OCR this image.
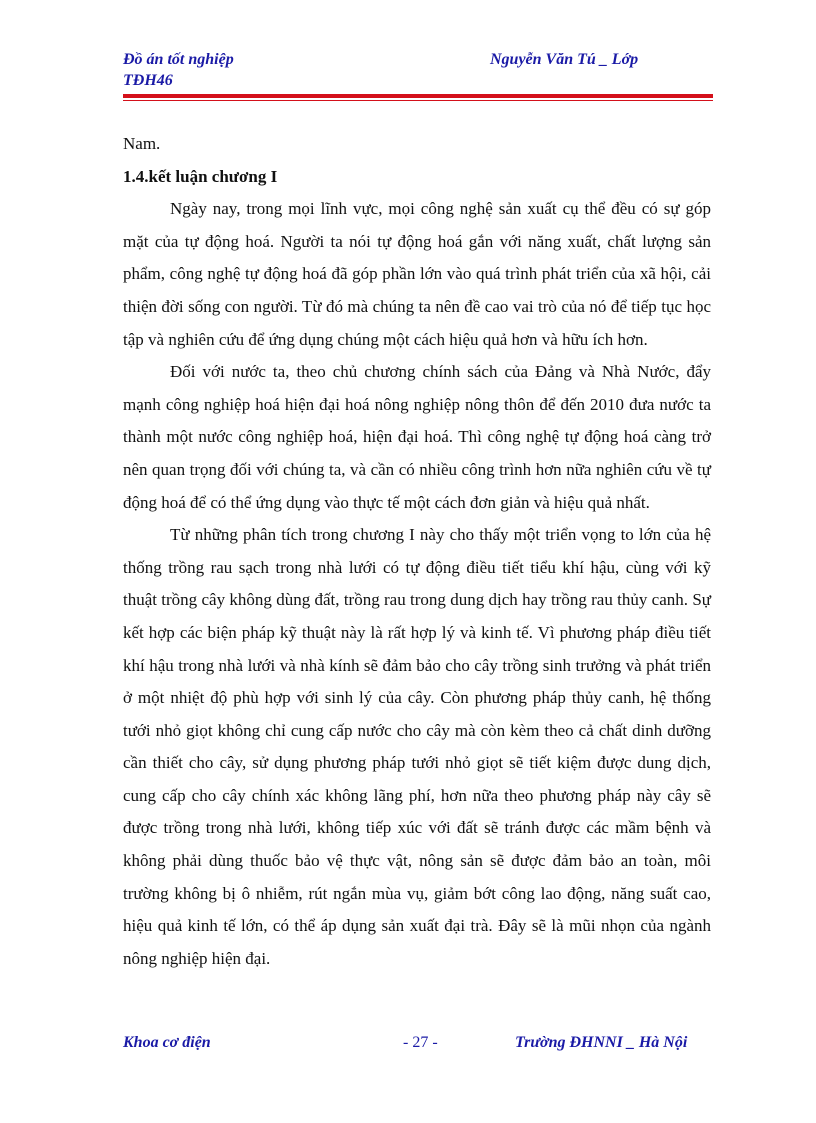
Đồ án tốt nghiệp
TĐH46
Nguyễn Văn Tú _ Lớp

Nam.

1.4.kết luận chương I

Ngày nay, trong mọi lĩnh vực, mọi công nghệ sản xuất cụ thể đều có sự góp mặt của tự động hoá. Người ta nói tự động hoá gắn với năng xuất, chất lượng sản phẩm, công nghệ tự động hoá đã góp phần lớn vào quá trình phát triển của xã hội, cải thiện đời sống con người. Từ đó mà chúng ta nên đề cao vai trò của nó để tiếp tục học tập và nghiên cứu để ứng dụng chúng một cách hiệu quả hơn và hữu ích hơn.

Đối với nước ta, theo chủ chương chính sách của Đảng và Nhà Nước, đẩy mạnh công nghiệp hoá hiện đại hoá nông nghiệp nông thôn để đến 2010 đưa nước ta thành một nước công nghiệp hoá, hiện đại hoá. Thì công nghệ tự động hoá càng trở nên quan trọng đối với chúng ta, và cần có nhiều công trình hơn nữa nghiên cứu về tự động hoá để có thể ứng dụng vào thực tế một cách đơn giản và hiệu quả nhất.

Từ những phân tích trong chương I này cho thấy một triển vọng to lớn của hệ thống trồng rau sạch trong nhà lưới có tự động điều tiết tiểu khí hậu, cùng với kỹ thuật trồng cây không dùng đất, trồng rau trong dung dịch hay trồng rau thủy canh. Sự kết hợp các biện pháp kỹ thuật này là rất hợp lý và kinh tế. Vì phương pháp điều tiết khí hậu trong nhà lưới và nhà kính sẽ đảm bảo cho cây trồng sinh trưởng và phát triển ở một nhiệt độ phù hợp với sinh lý của cây. Còn phương pháp thủy canh, hệ thống tưới nhỏ giọt không chỉ cung cấp nước cho cây mà còn kèm theo cả chất dinh dưỡng cần thiết cho cây, sử dụng phương pháp tưới nhỏ giọt sẽ tiết kiệm được dung dịch, cung cấp cho cây chính xác không lãng phí, hơn nữa theo phương pháp này cây sẽ được trồng trong nhà lưới, không tiếp xúc với đất sẽ tránh được các mầm bệnh và không phải dùng thuốc bảo vệ thực vật, nông sản sẽ được đảm bảo an toàn, môi trường không bị ô nhiễm, rút ngắn mùa vụ, giảm bớt công lao động, năng suất cao, hiệu quả kinh tế lớn, có thể áp dụng sản xuất đại trà. Đây sẽ là mũi nhọn của ngành nông nghiệp hiện đại.

Khoa cơ điện	- 27 -	Trường ĐHNNI _ Hà Nội
